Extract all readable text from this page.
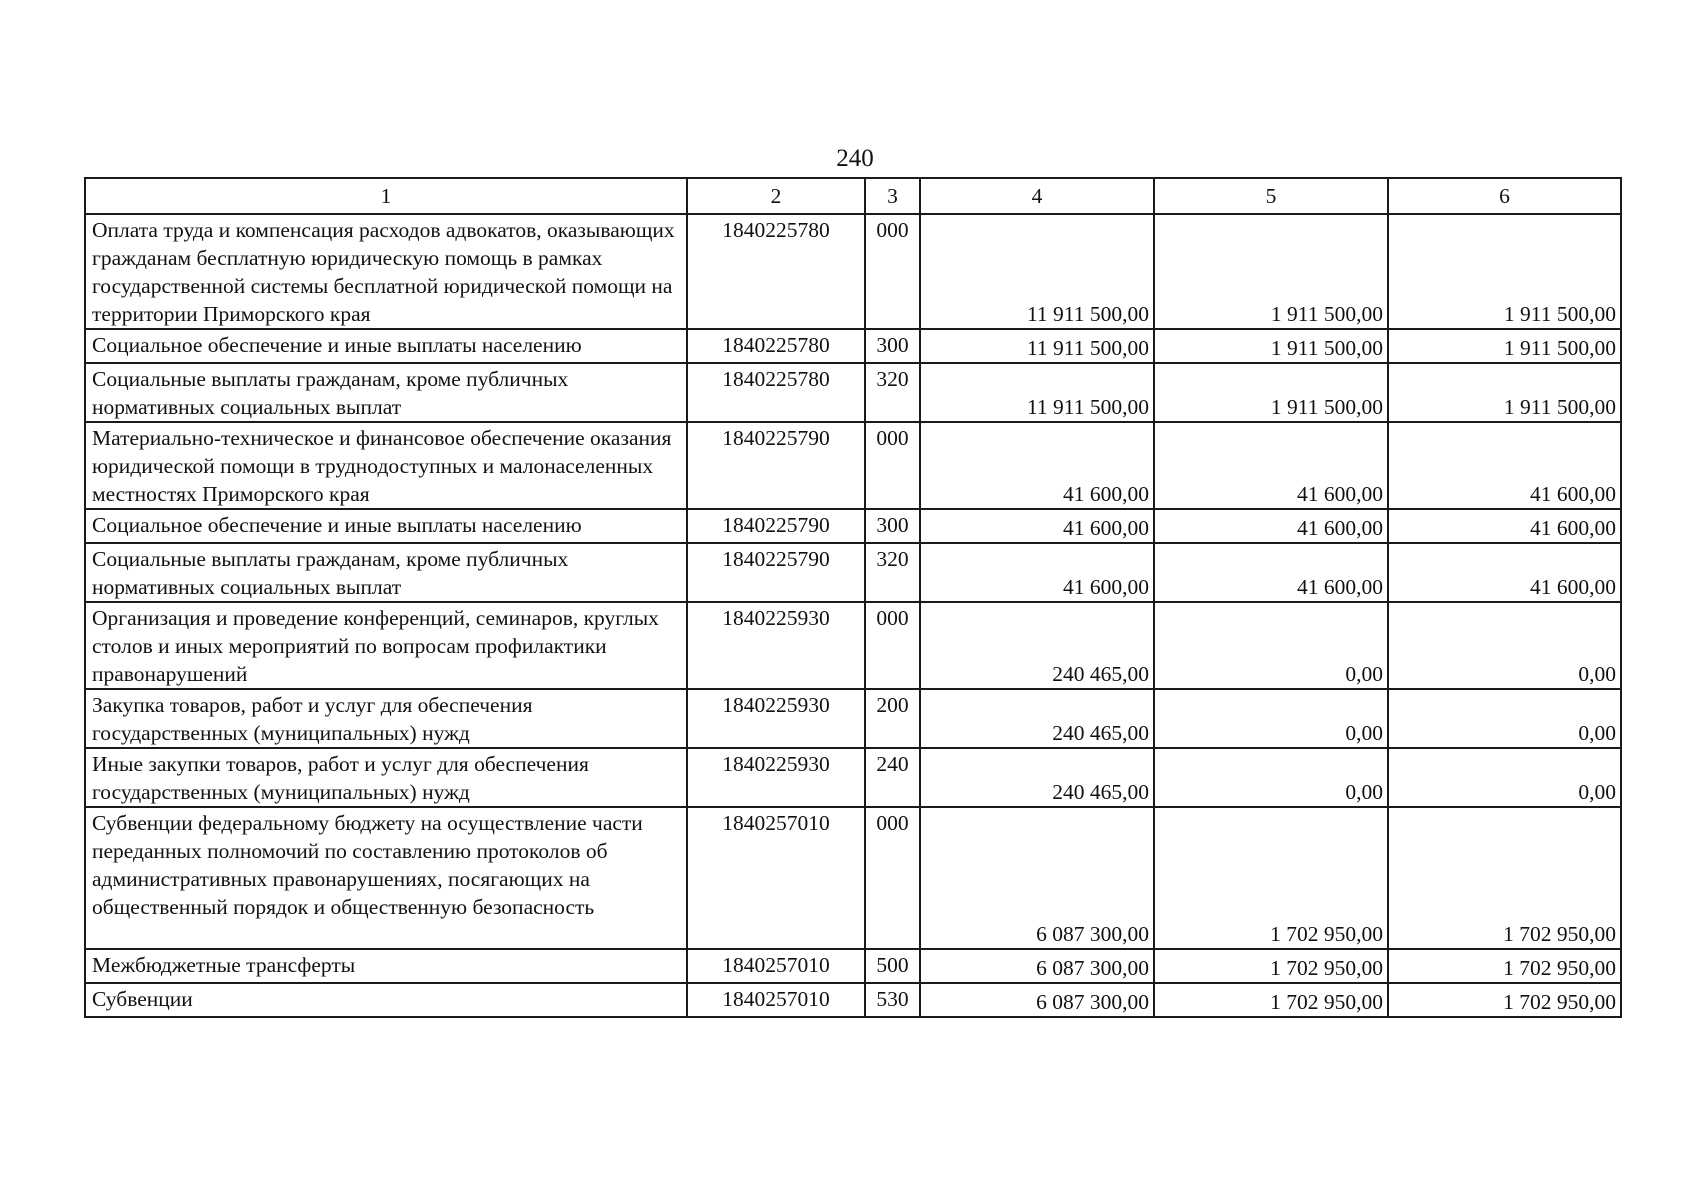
240
1	2	3	4	5	6
Оплата труда и компенсация расходов адвокатов, оказывающих гражданам бесплатную юридическую помощь в рамках государственной системы бесплатной юридической помощи на территории Приморского края	1840225780	000	11 911 500,00	1 911 500,00	1 911 500,00
Социальное обеспечение и иные выплаты населению	1840225780	300	11 911 500,00	1 911 500,00	1 911 500,00
Социальные выплаты гражданам, кроме публичных нормативных социальных выплат	1840225780	320	11 911 500,00	1 911 500,00	1 911 500,00
Материально-техническое и финансовое обеспечение оказания юридической помощи в труднодоступных и малонаселенных местностях Приморского края	1840225790	000	41 600,00	41 600,00	41 600,00
Социальное обеспечение и иные выплаты населению	1840225790	300	41 600,00	41 600,00	41 600,00
Социальные выплаты гражданам, кроме публичных нормативных социальных выплат	1840225790	320	41 600,00	41 600,00	41 600,00
Организация и проведение конференций, семинаров, круглых столов и иных мероприятий по вопросам профилактики правонарушений	1840225930	000	240 465,00	0,00	0,00
Закупка товаров, работ и услуг для обеспечения государственных (муниципальных) нужд	1840225930	200	240 465,00	0,00	0,00
Иные закупки товаров, работ и услуг для обеспечения государственных (муниципальных) нужд	1840225930	240	240 465,00	0,00	0,00
Субвенции федеральному бюджету на осуществление части переданных полномочий по составлению протоколов об административных правонарушениях, посягающих на общественный порядок и общественную безопасность	1840257010	000	6 087 300,00	1 702 950,00	1 702 950,00
Межбюджетные трансферты	1840257010	500	6 087 300,00	1 702 950,00	1 702 950,00
Субвенции	1840257010	530	6 087 300,00	1 702 950,00	1 702 950,00
